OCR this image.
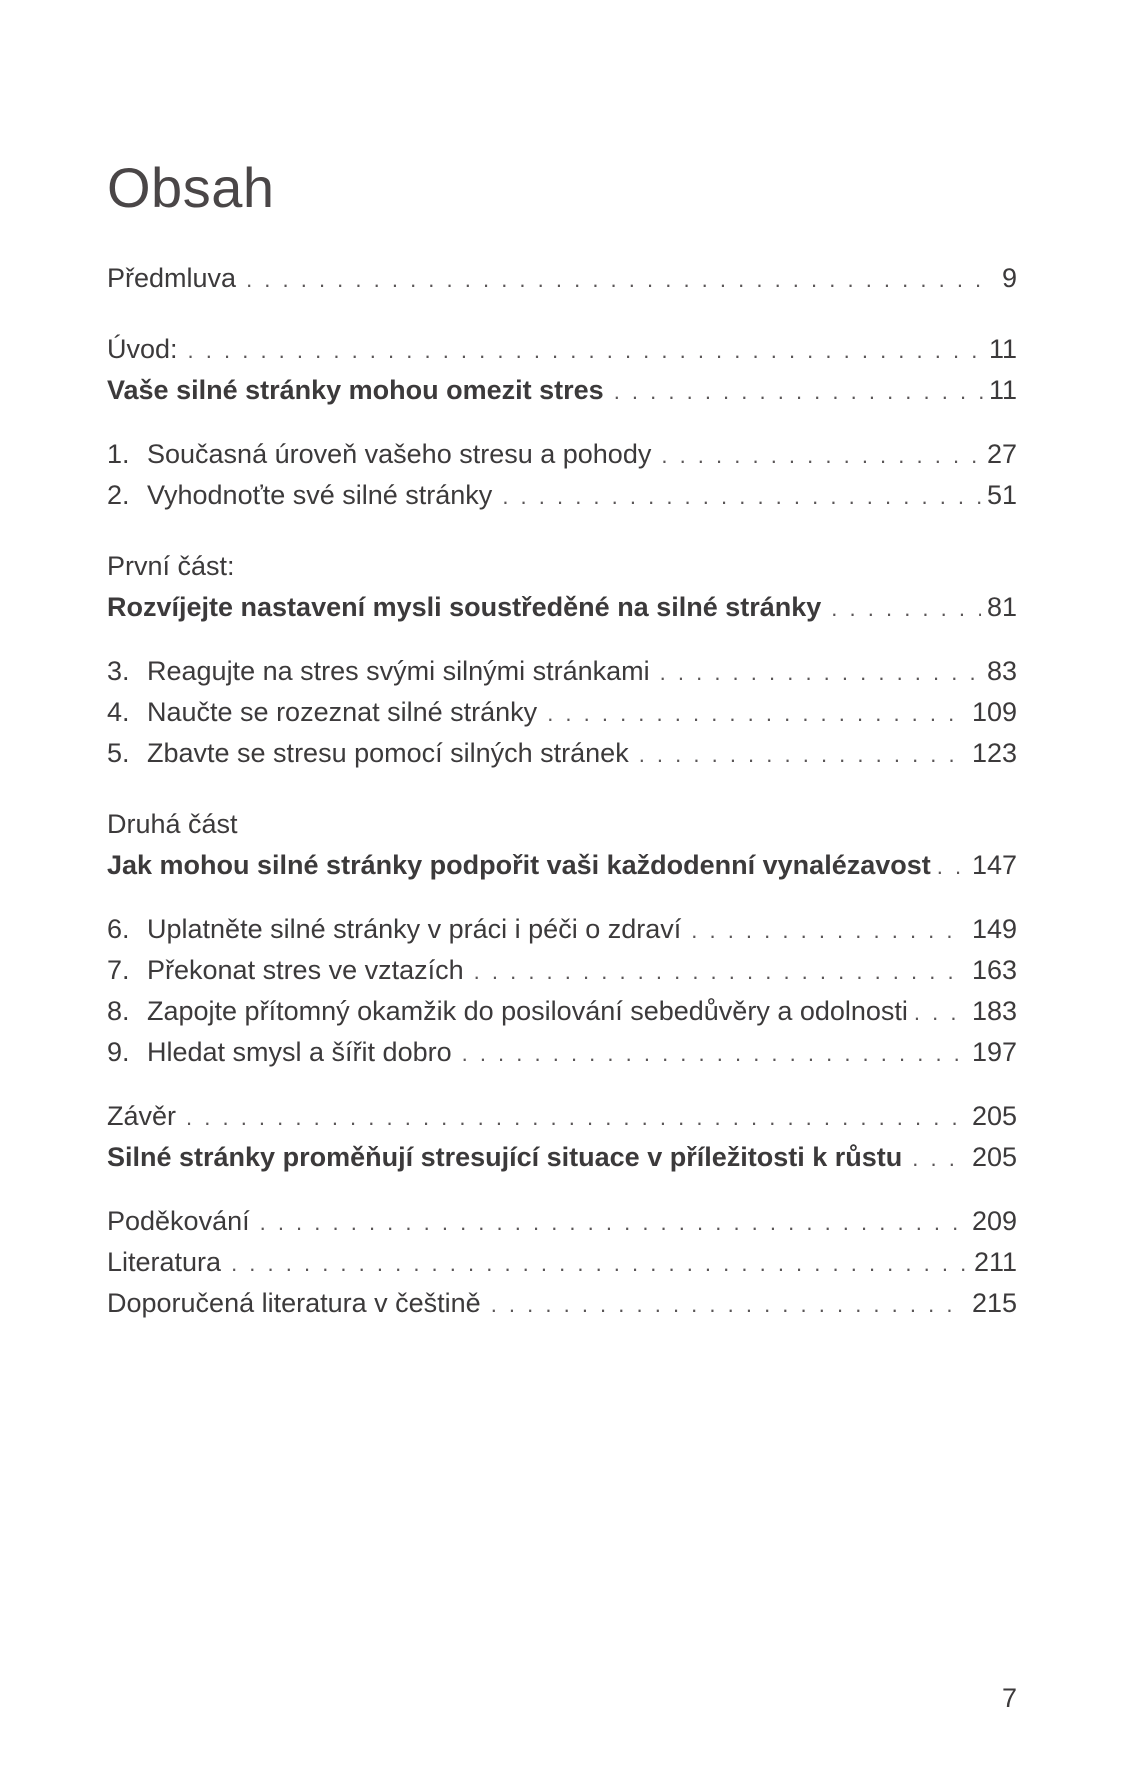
Obsah
Předmluva . . .	9
Úvod: . . .	11
Vaše silné stránky mohou omezit stres . . .	11
1. Současná úroveň vašeho stresu a pohody . . .	27
2. Vyhodnoťte své silné stránky . . .	51
První část:
Rozvíjejte nastavení mysli soustředěné na silné stránky . . .	81
3. Reagujte na stres svými silnými stránkami . . .	83
4. Naučte se rozeznat silné stránky . . .	109
5. Zbavte se stresu pomocí silných stránek . . .	123
Druhá část
Jak mohou silné stránky podpořit vaši každodenní vynalézavost . . . 147
6. Uplatněte silné stránky v práci i péči o zdraví . . .	149
7. Překonat stres ve vztazích . . .	163
8. Zapojte přítomný okamžik do posilování sebedůvěry a odolnosti . . . 183
9. Hledat smysl a šířit dobro . . .	197
Závěr . . .	205
Silné stránky proměňují stresující situace v příležitosti k růstu . . .	205
Poděkování . . .	209
Literatura . . .	211
Doporučená literatura v češtině . . .	215
7
